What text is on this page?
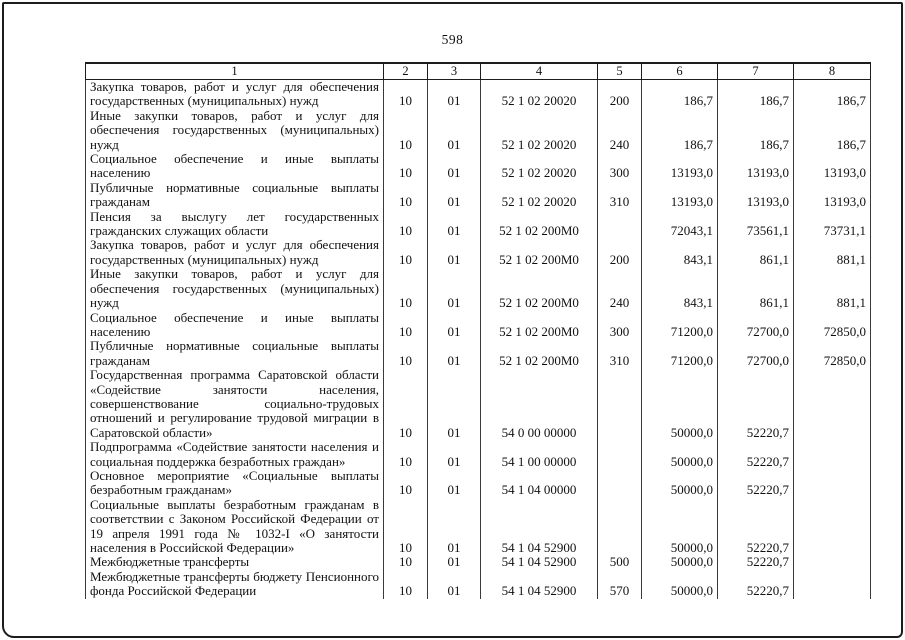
598
1	2	3	4	5	6	7	8
Закупка товаров, работ и услуг для обеспечения государственных (муниципальных) нужд	10	01	52 1 02 20020	200	186,7	186,7	186,7
Иные закупки товаров, работ и услуг для обеспечения государственных (муниципальных) нужд	10	01	52 1 02 20020	240	186,7	186,7	186,7
Социальное обеспечение и иные выплаты населению	10	01	52 1 02 20020	300	13193,0	13193,0	13193,0
Публичные нормативные социальные выплаты гражданам	10	01	52 1 02 20020	310	13193,0	13193,0	13193,0
Пенсия за выслугу лет государственных гражданских служащих области	10	01	52 1 02 200М0		72043,1	73561,1	73731,1
Закупка товаров, работ и услуг для обеспечения государственных (муниципальных) нужд	10	01	52 1 02 200М0	200	843,1	861,1	881,1
Иные закупки товаров, работ и услуг для обеспечения государственных (муниципальных) нужд	10	01	52 1 02 200М0	240	843,1	861,1	881,1
Социальное обеспечение и иные выплаты населению	10	01	52 1 02 200М0	300	71200,0	72700,0	72850,0
Публичные нормативные социальные выплаты гражданам	10	01	52 1 02 200М0	310	71200,0	72700,0	72850,0
Государственная программа Саратовской области «Содействие занятости населения, совершенствование социально-трудовых отношений и регулирование трудовой миграции в Саратовской области»	10	01	54 0 00 00000		50000,0	52220,7	
Подпрограмма «Содействие занятости населения и социальная поддержка безработных граждан»	10	01	54 1 00 00000		50000,0	52220,7	
Основное мероприятие «Социальные выплаты безработным гражданам»	10	01	54 1 04 00000		50000,0	52220,7	
Социальные выплаты безработным гражданам в соответствии с Законом Российской Федерации от 19 апреля 1991 года № 1032-I «О занятости населения в Российской Федерации»	10	01	54 1 04 52900		50000,0	52220,7	
Межбюджетные трансферты	10	01	54 1 04 52900	500	50000,0	52220,7	
Межбюджетные трансферты бюджету Пенсионного фонда Российской Федерации	10	01	54 1 04 52900	570	50000,0	52220,7	
